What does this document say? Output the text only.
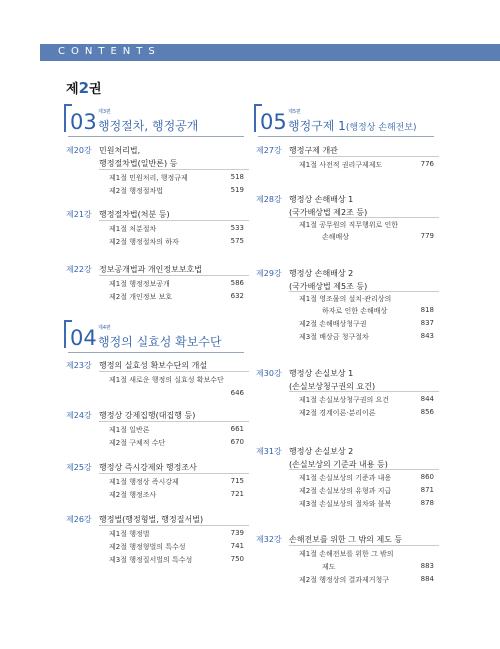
CONTENTS
제2권
03 제3편
행정절차, 행정공개
04 제4편
행정의 실효성 확보수단
05 제5편
행정구제 1(행정상 손해전보)
제20강 민원처리법,
행정절차법(일반론) 등
제1절 민원처리, 행정규제	518
제2절 행정절차법	519
제21강 행정절차법(처분 등)
제1절 처분절차	533
제2절 행정절차의 하자	575
제22강 정보공개법과 개인정보보호법
제1절 행정정보공개	586
제2절 개인정보 보호	632
제23강 행정의 실효성 확보수단의 개설
제1절 새로운 행정의 실효성 확보수단
646
제24강 행정상 강제집행(대집행 등)
제1절 일반론	661
제2절 구체적 수단	670
제25강 행정상 즉시강제와 행정조사
제1절 행정상 즉시강제	715
제2절 행정조사	721
제26강 행정벌(행정형벌, 행정질서벌)
제1절 행정벌	739
제2절 행정형벌의 특수성	741
제3절 행정질서벌의 특수성	750
제27강 행정구제 개관
제1절 사전적 권리구제제도	776
제28강 행정상 손해배상 1
(국가배상법 제2조 등)
제1절 공무원의 직무행위로 인한
손해배상	779
제29강 행정상 손해배상 2
(국가배상법 제5조 등)
제1절 영조물의 설치·관리상의
하자로 인한 손해배상	818
제2절 손해배상청구권	837
제3절 배상금 청구절차	843
제30강 행정상 손실보상 1
(손실보상청구권의 요건)
제1절 손실보상청구권의 요건	844
제2절 경계이론·분리이론	856
제31강 행정상 손실보상 2
(손실보상의 기준과 내용 등)
제1절 손실보상의 기준과 내용	860
제2절 손실보상의 유형과 지급	871
제3절 손실보상의 절차와 불복	878
제32강 손해전보를 위한 그 밖의 제도 등
제1절 손해전보를 위한 그 밖의
제도	883
제2절 행정상의 결과제거청구	884
